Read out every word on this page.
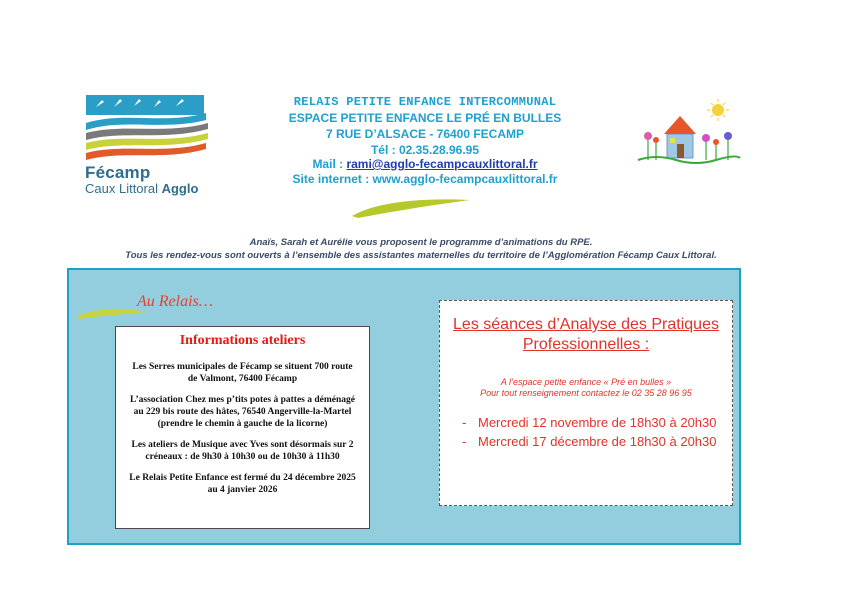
Fécamp
Caux Littoral Agglo
RELAIS PETITE ENFANCE INTERCOMMUNAL
ESPACE PETITE ENFANCE LE PRÉ EN BULLES
7 RUE D’ALSACE - 76400 FECAMP
Tél : 02.35.28.96.95
Mail : rami@agglo-fecampcauxlittoral.fr
Site internet : www.agglo-fecampcauxlittoral.fr
Anaïs, Sarah et Aurélie vous proposent le programme d’animations du RPE.
Tous les rendez-vous sont ouverts à l’ensemble des assistantes maternelles du territoire de l’Agglomération Fécamp Caux Littoral.
Au Relais…
Informations ateliers

Les Serres municipales de Fécamp se situent 700 route de Valmont, 76400 Fécamp

L’association Chez mes p’tits potes à pattes a déménagé au 229 bis route des hâtes, 76540 Angerville-la-Martel (prendre le chemin à gauche de la licorne)

Les ateliers de Musique avec Yves sont désormais sur 2 créneaux : de 9h30 à 10h30 ou de 10h30 à 11h30

Le Relais Petite Enfance est fermé du 24 décembre 2025 au 4 janvier 2026

Les séances d’Analyse des Pratiques Professionnelles :
A l’espace petite enfance « Pré en bulles »
Pour tout renseignement contactez le 02 35 28 96 95
- Mercredi 12 novembre de 18h30 à 20h30
- Mercredi 17 décembre de 18h30 à 20h30
